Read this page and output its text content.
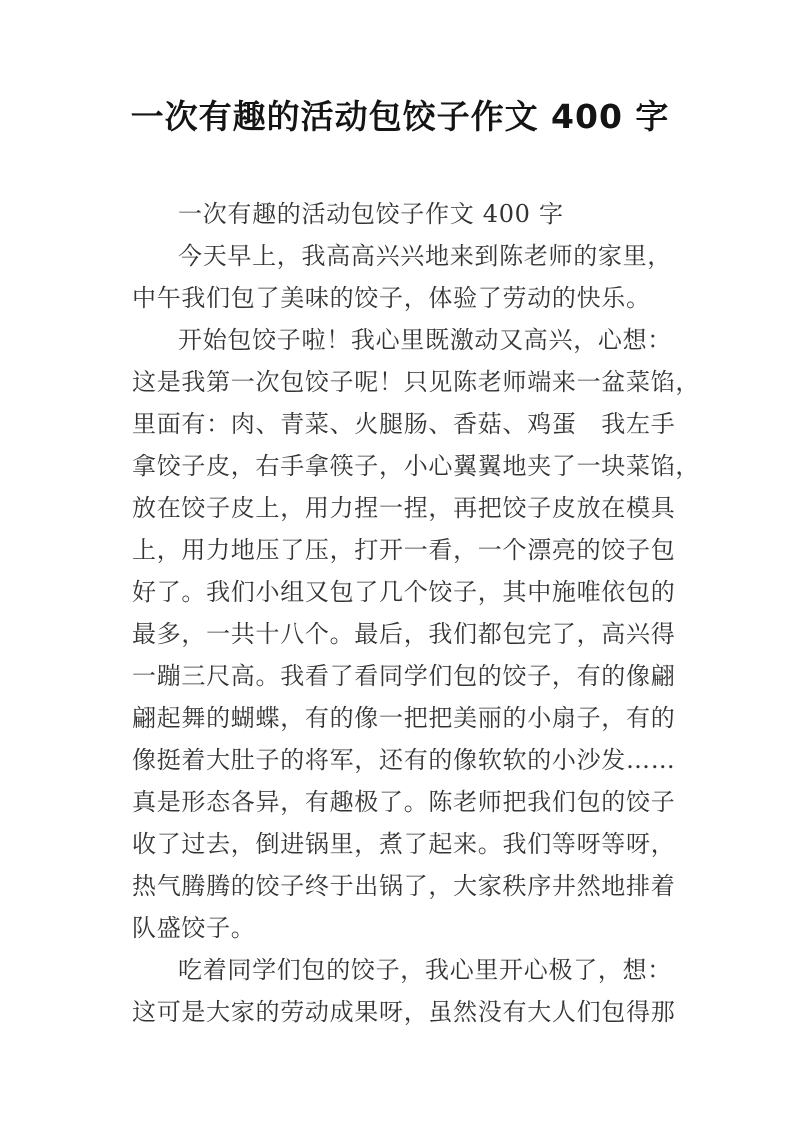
一次有趣的活动包饺子作文 400 字
一次有趣的活动包饺子作文 400 字
今天早上，我高高兴兴地来到陈老师的家里，
中午我们包了美味的饺子，体验了劳动的快乐。
开始包饺子啦！我心里既激动又高兴，心想：
这是我第一次包饺子呢！只见陈老师端来一盆菜馅，
里面有：肉、青菜、火腿肠、香菇、鸡蛋　我左手
拿饺子皮，右手拿筷子，小心翼翼地夹了一块菜馅，
放在饺子皮上，用力捏一捏，再把饺子皮放在模具
上，用力地压了压，打开一看，一个漂亮的饺子包
好了。我们小组又包了几个饺子，其中施唯依包的
最多，一共十八个。最后，我们都包完了，高兴得
一蹦三尺高。我看了看同学们包的饺子，有的像翩
翩起舞的蝴蝶，有的像一把把美丽的小扇子，有的
像挺着大肚子的将军，还有的像软软的小沙发……
真是形态各异，有趣极了。陈老师把我们包的饺子
收了过去，倒进锅里，煮了起来。我们等呀等呀，
热气腾腾的饺子终于出锅了，大家秩序井然地排着
队盛饺子。
吃着同学们包的饺子，我心里开心极了，想：
这可是大家的劳动成果呀，虽然没有大人们包得那
